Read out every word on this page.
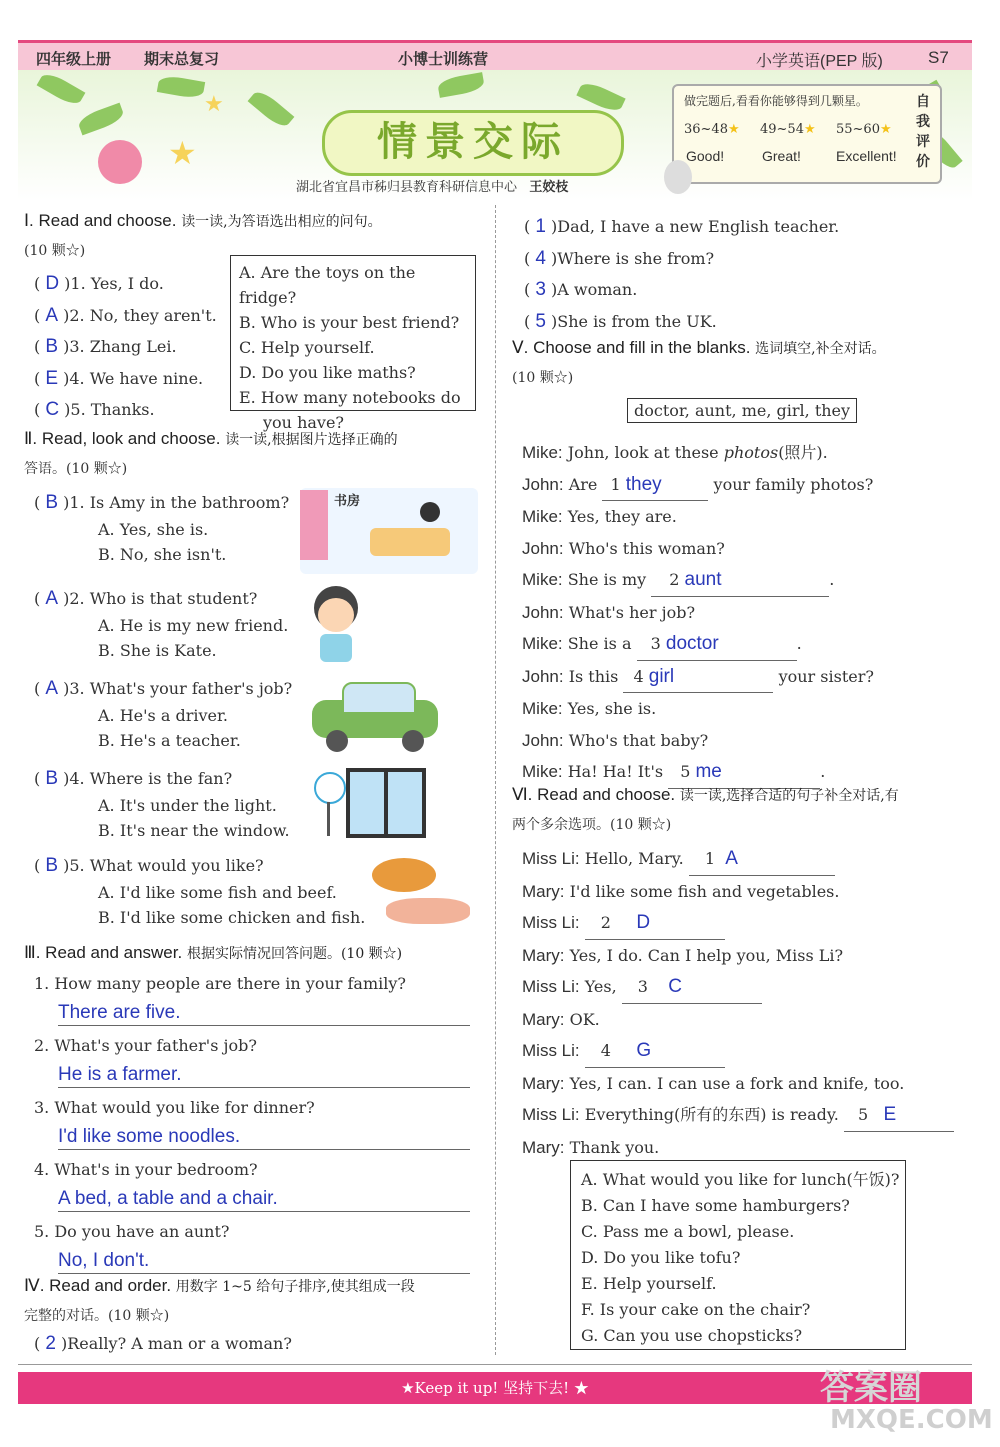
四年级上册 期末总复习	小博士训练营	小学英语(PEP 版)	S7
★
★
情景交际
做完题后,看看你能够得到几颗星。	自我评价
36~48★ 49~54★ 55~60★
Good!	Great!	Excellent!
湖北省宜昌市秭归县教育科研信息中心 王姣枝
Ⅰ. Read and choose. 读一读,为答语选出相应的问句。
(10 颗☆)
( D )1. Yes, I do.
( A )2. No, they aren't.
( B )3. Zhang Lei.
( E )4. We have nine.
( C )5. Thanks.
A. Are the toys on the fridge?
B. Who is your best friend?
C. Help yourself.
D. Do you like maths?
E. How many notebooks do
you have?
Ⅱ. Read, look and choose. 读一读,根据图片选择正确的
答语。(10 颗☆)
( B )1. Is Amy in the bathroom?
A. Yes, she is.
B. No, she isn't.
书房
( A )2. Who is that student?
A. He is my new friend.
B. She is Kate.
( A )3. What's your father's job?
A. He's a driver.
B. He's a teacher.
( B )4. Where is the fan?
A. It's under the light.
B. It's near the window.
( B )5. What would you like?
A. I'd like some fish and beef.
B. I'd like some chicken and fish.
Ⅲ. Read and answer. 根据实际情况回答问题。(10 颗☆)
1. How many people are there in your family?
There are five.
2. What's your father's job?
He is a farmer.
3. What would you like for dinner?
I'd like some noodles.
4. What's in your bedroom?
A bed, a table and a chair.
5. Do you have an aunt?
No, I don't.
Ⅳ. Read and order. 用数字 1~5 给句子排序,使其组成一段
完整的对话。(10 颗☆)
( 2 )Really? A man or a woman?
( 1 )Dad, I have a new English teacher.
( 4 )Where is she from?
( 3 )A woman.
( 5 )She is from the UK.
Ⅴ. Choose and fill in the blanks. 选词填空,补全对话。
(10 颗☆)
doctor, aunt, me, girl, they
Mike: John, look at these photos(照片).
John: Are 1 they	your family photos?
Mike: Yes, they are.
John: Who's this woman?
Mike: She is my 2 aunt	.
John: What's her job?
Mike: She is a 3 doctor	.
John: Is this 4 girl	your sister?
Mike: Yes, she is.
John: Who's that baby?
Mike: Ha! Ha! It's 5 me	.
Ⅵ. Read and choose. 读一读,选择合适的句子补全对话,有
两个多余选项。(10 颗☆)
Miss Li: Hello, Mary. 1 A
Mary: I'd like some fish and vegetables.
Miss Li: 2 D
Mary: Yes, I do. Can I help you, Miss Li?
Miss Li: Yes, 3 C
Mary: OK.
Miss Li: 4 G
Mary: Yes, I can. I can use a fork and knife, too.
Miss Li: Everything(所有的东西) is ready. 5 E
Mary: Thank you.
A. What would you like for lunch(午饭)?
B. Can I have some hamburgers?
C. Pass me a bowl, please.
D. Do you like tofu?
E. Help yourself.
F. Is your cake on the chair?
G. Can you use chopsticks?
★Keep it up! 坚持下去! ★	答案圈
MXQE.COM
